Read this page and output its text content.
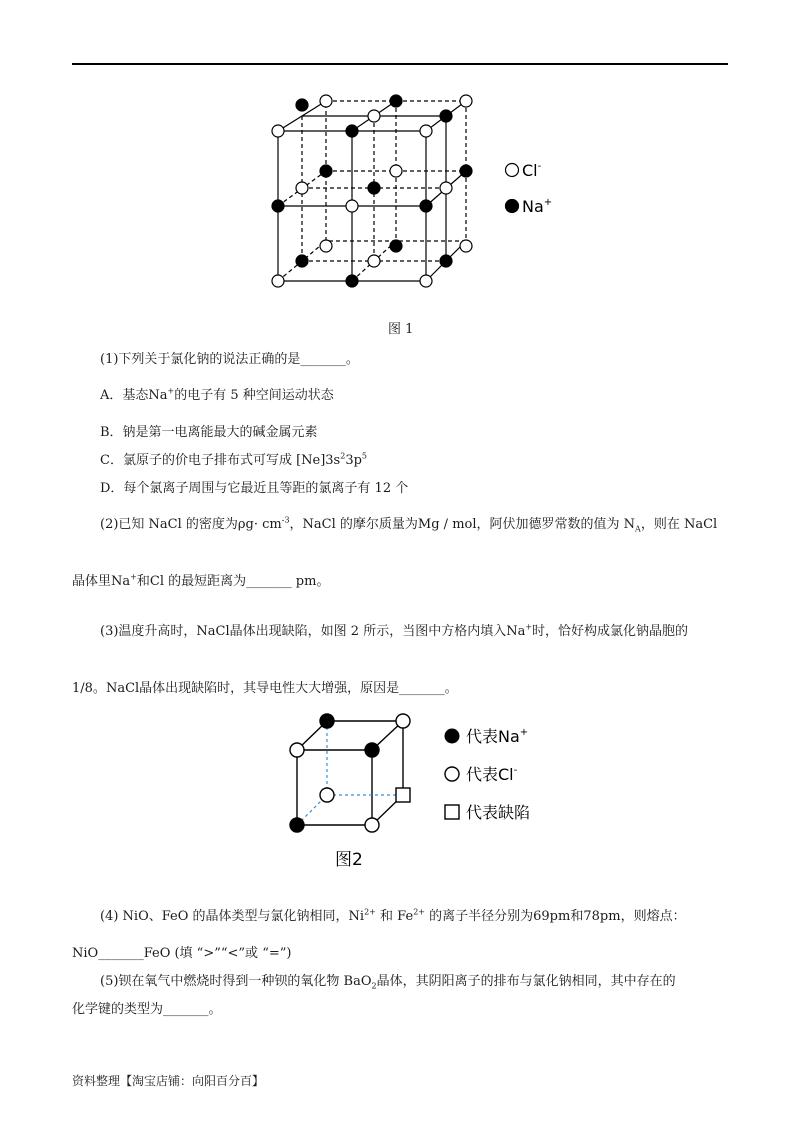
Cl-
Na+
图 1
(1)下列关于氯化钠的说法正确的是_______。
A．基态Na+的电子有 5 种空间运动状态
B．钠是第一电离能最大的碱金属元素
C．氯原子的价电子排布式可写成 $[Ne]3s^23p^5$
D．每个氯离子周围与它最近且等距的氯离子有 12 个
(2)已知 NaCl 的密度为$\rho g\cdot cm^{-3}$，NaCl 的摩尔质量为Mg / mol，阿伏加德罗常数的值为 $N_A$，则在 NaCl
晶体里Na+和Cl 的最短距离为_______ pm。
(3)温度升高时，NaCl晶体出现缺陷，如图 2 所示，当图中方格内填入Na+时，恰好构成氯化钠晶胞的
1/8。NaCl晶体出现缺陷时，其导电性大大增强，原因是_______。
代表Na+
代表Cl-
代表缺陷
图2
(4) NiO、FeO 的晶体类型与氯化钠相同，$Ni^{2+}$ 和 $Fe^{2+}$ 的离子半径分别为69pm和78pm，则熔点：
NiO_______FeO (填 “>”“<”或 “=”)
(5)钡在氧气中燃烧时得到一种钡的氧化物 BaO$_2$晶体，其阴阳离子的排布与氯化钠相同，其中存在的
化学键的类型为_______。
资料整理【淘宝店铺：向阳百分百】
